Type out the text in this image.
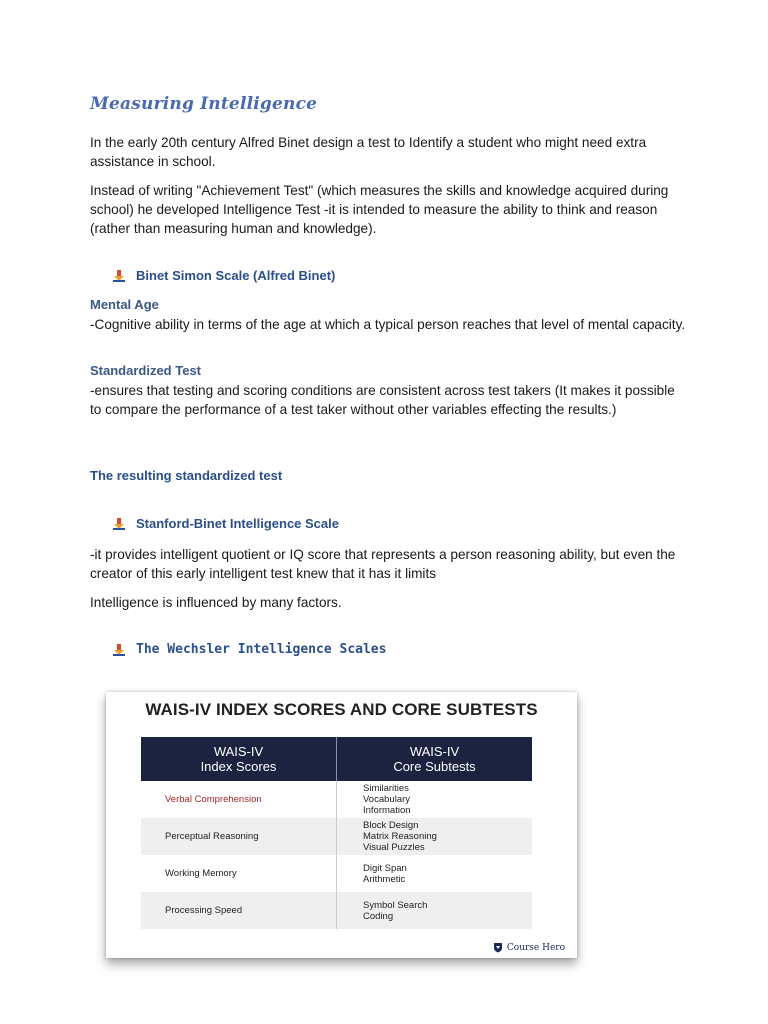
Measuring Intelligence
In the early 20th century Alfred Binet design a test to Identify a student who might need extra assistance in school.
Instead of writing "Achievement Test" (which measures the skills and knowledge acquired during school) he developed Intelligence Test -it is intended to measure the ability to think and reason (rather than measuring human and knowledge).
Binet Simon Scale (Alfred Binet)
Mental Age
-Cognitive ability in terms of the age at which a typical person reaches that level of mental capacity.
Standardized Test
-ensures that testing and scoring conditions are consistent across test takers (It makes it possible to compare the performance of a test taker without other variables effecting the results.)
The resulting standardized test
Stanford-Binet Intelligence Scale
-it provides intelligent quotient or IQ score that represents a person reasoning ability, but even the creator of this early intelligent test knew that it has it limits
Intelligence is influenced by many factors.
The Wechsler Intelligence Scales
WAIS-IV INDEX SCORES AND CORE SUBTESTS
WAIS-IV
Index Scores
WAIS-IV
Core Subtests
Verbal Comprehension
Similarities
Vocabulary
Information
Perceptual Reasoning
Block Design
Matrix Reasoning
Visual Puzzles
Working Memory	Digit Span
Arithmetic
Processing Speed	Symbol Search
Coding
Course Hero
